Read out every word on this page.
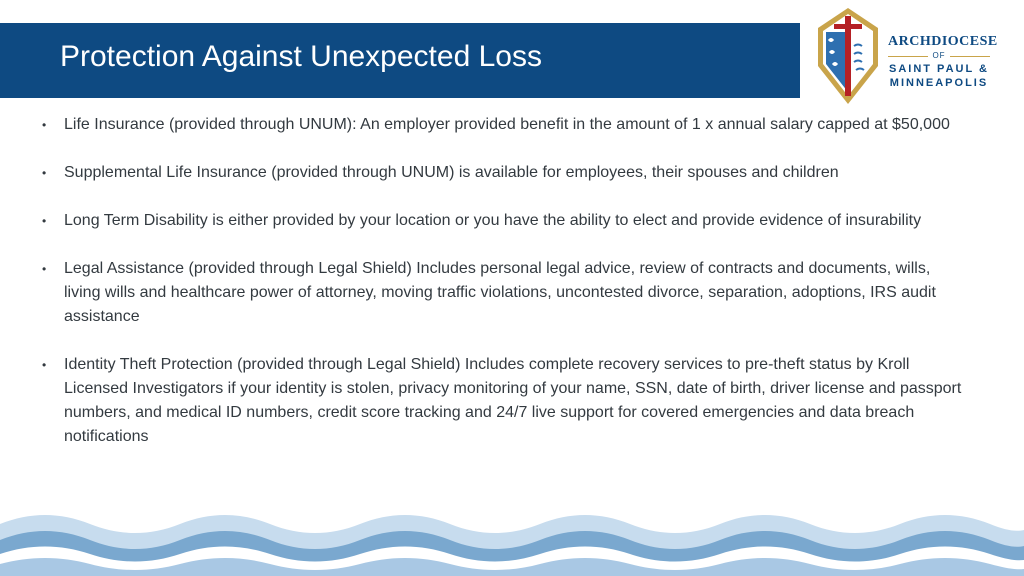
Protection Against Unexpected Loss	ARCHDIOCESE
OF
SAINT PAUL &
MINNEAPOLIS
• Life Insurance (provided through UNUM): An employer provided benefit in the amount of 1 x annual salary capped at $50,000
• Supplemental Life Insurance (provided through UNUM) is available for employees, their spouses and children
• Long Term Disability is either provided by your location or you have the ability to elect and provide evidence of insurability
• Legal Assistance (provided through Legal Shield) Includes personal legal advice, review of contracts and documents, wills, living wills and healthcare power of attorney, moving traffic violations, uncontested divorce, separation, adoptions, IRS audit assistance
• Identity Theft Protection (provided through Legal Shield) Includes complete recovery services to pre-theft status by Kroll Licensed Investigators if your identity is stolen, privacy monitoring of your name, SSN, date of birth, driver license and passport numbers, and medical ID numbers, credit score tracking and 24/7 live support for covered emergencies and data breach notifications
